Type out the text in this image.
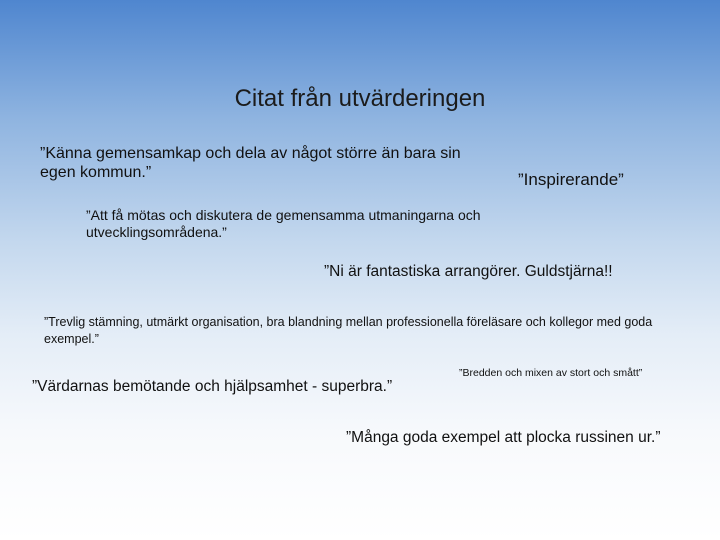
Citat från utvärderingen

”Känna gemensamkap och dela av något större än bara sin egen kommun.”	”Inspirerande”

”Att få mötas och diskutera de gemensamma utmaningarna och utvecklingsområdena.”

”Ni är fantastiska arrangörer. Guldstjärna!!

”Trevlig stämning, utmärkt organisation, bra blandning mellan professionella föreläsare och kollegor med goda exempel.”

”Värdarnas bemötande och hjälpsamhet - superbra.”

”Bredden och mixen av stort och smått”

”Många goda exempel att plocka russinen ur.”
